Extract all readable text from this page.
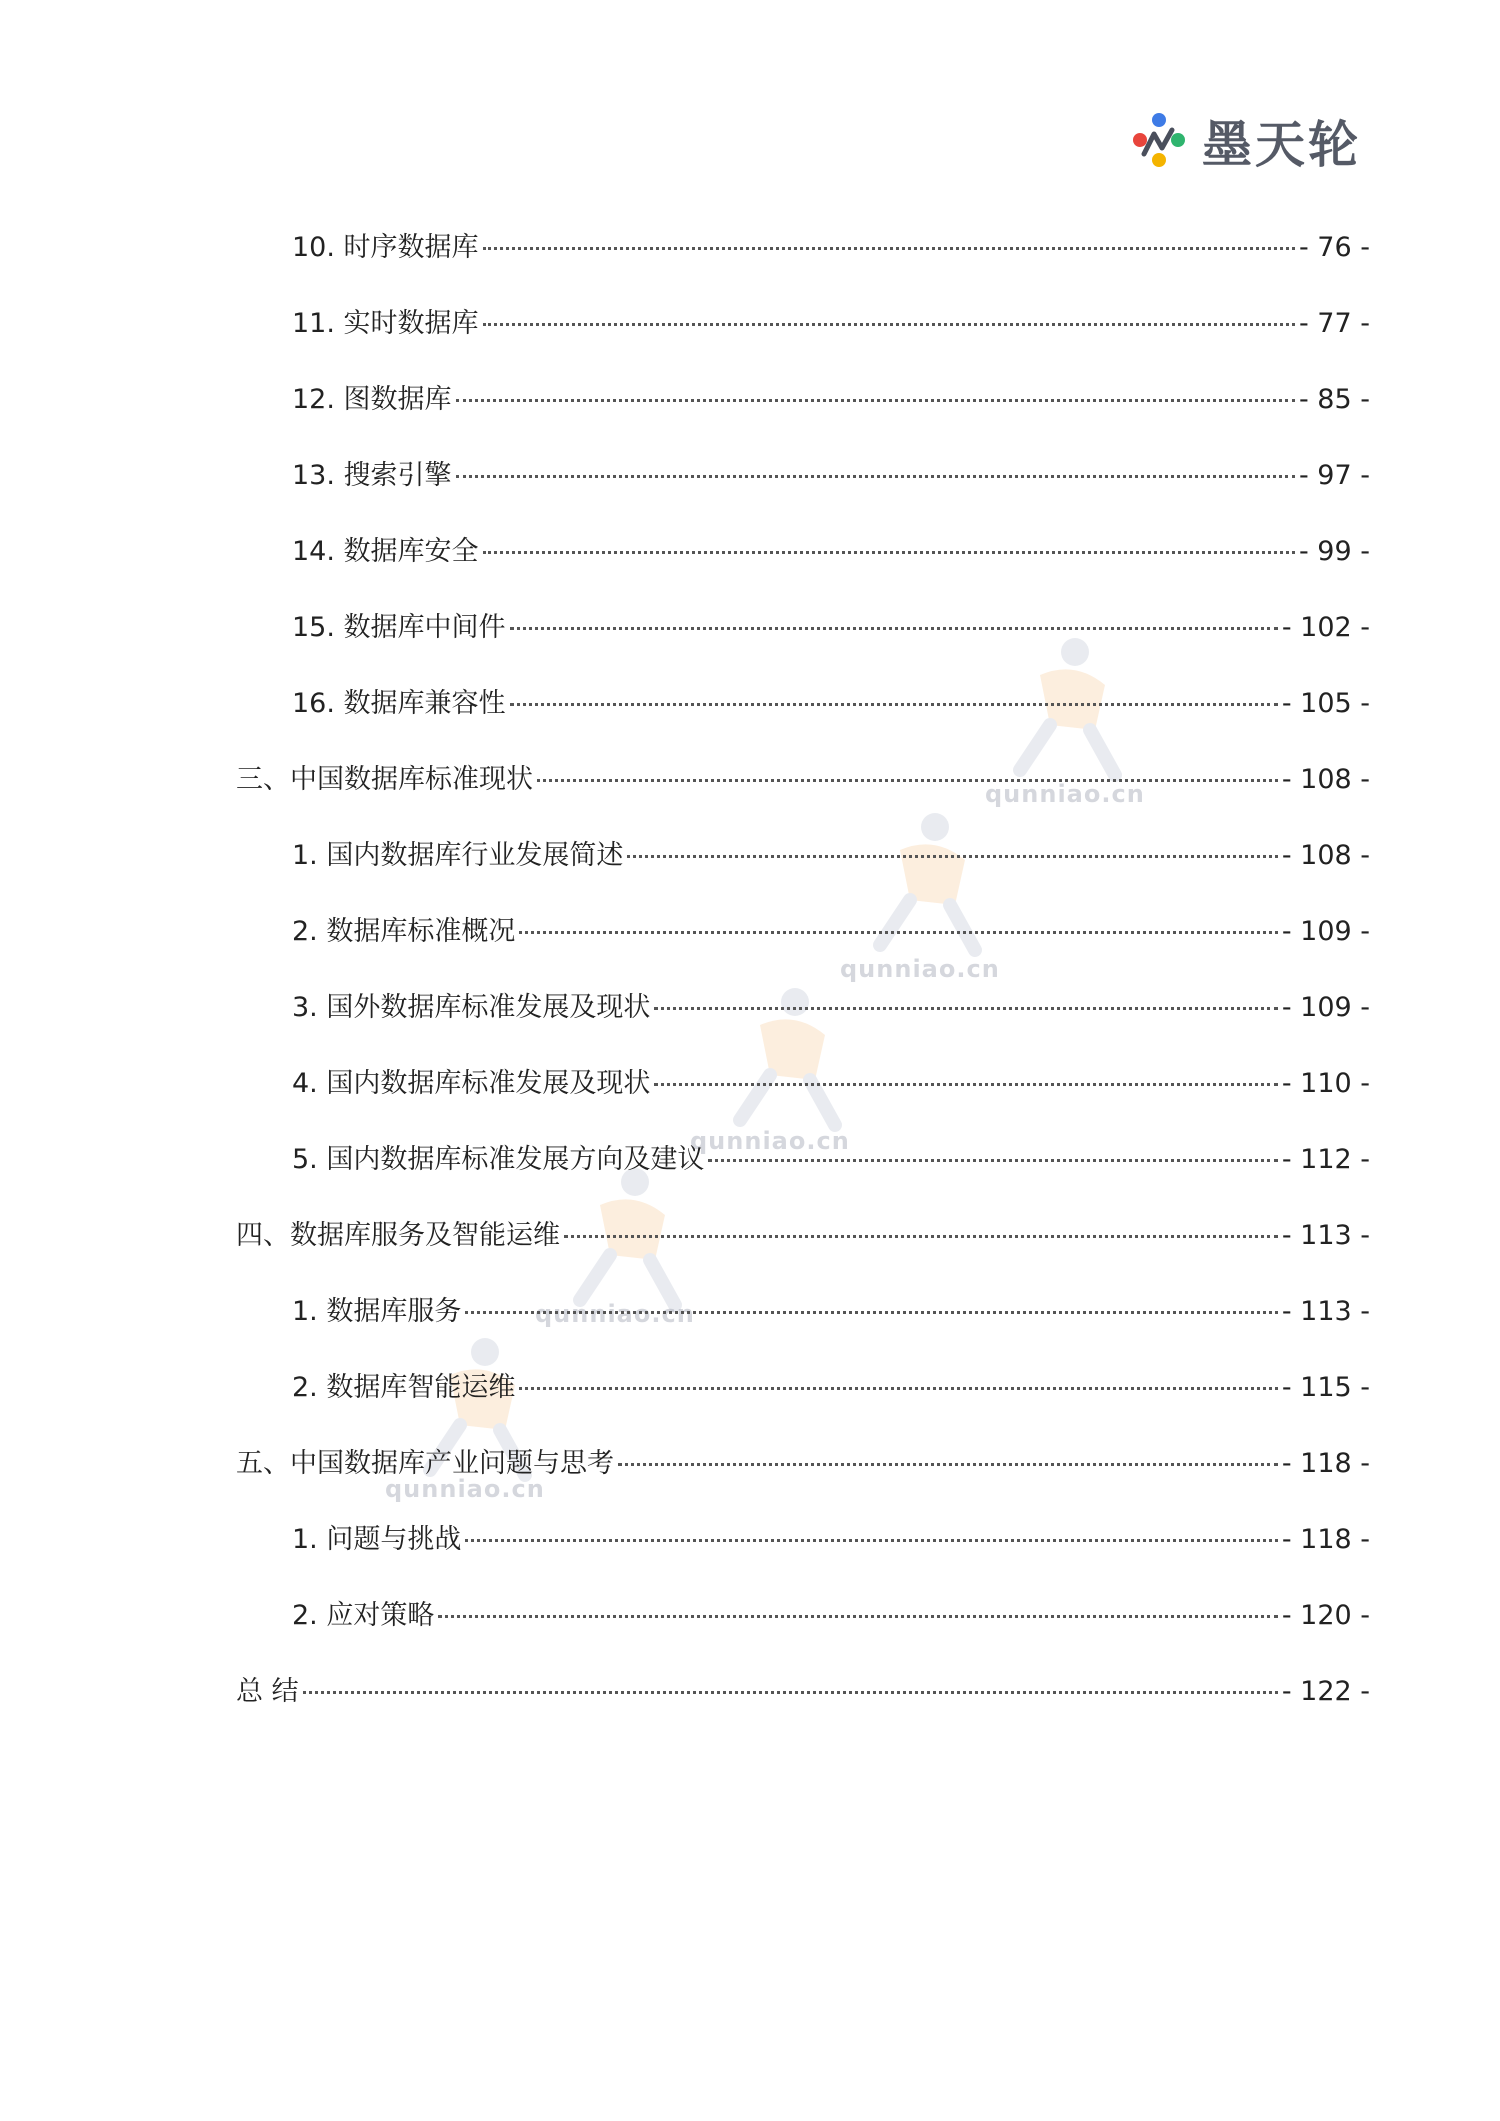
墨天轮
qunniao.cn
qunniao.cn
qunniao.cn
qunniao.cn
qunniao.cn
10. 时序数据库	- 76 -
11. 实时数据库	- 77 -
12. 图数据库	- 85 -
13. 搜索引擎	- 97 -
14. 数据库安全	- 99 -
15. 数据库中间件	- 102 -
16. 数据库兼容性	- 105 -
三、 中国数据库标准现状	- 108 -
1. 国内数据库行业发展简述	- 108 -
2. 数据库标准概况	- 109 -
3. 国外数据库标准发展及现状	- 109 -
4. 国内数据库标准发展及现状	- 110 -
5. 国内数据库标准发展方向及建议	- 112 -
四、 数据库服务及智能运维	- 113 -
1. 数据库服务	- 113 -
2. 数据库智能运维	- 115 -
五、 中国数据库产业问题与思考	- 118 -
1. 问题与挑战	- 118 -
2. 应对策略	- 120 -
总 结	- 122 -
